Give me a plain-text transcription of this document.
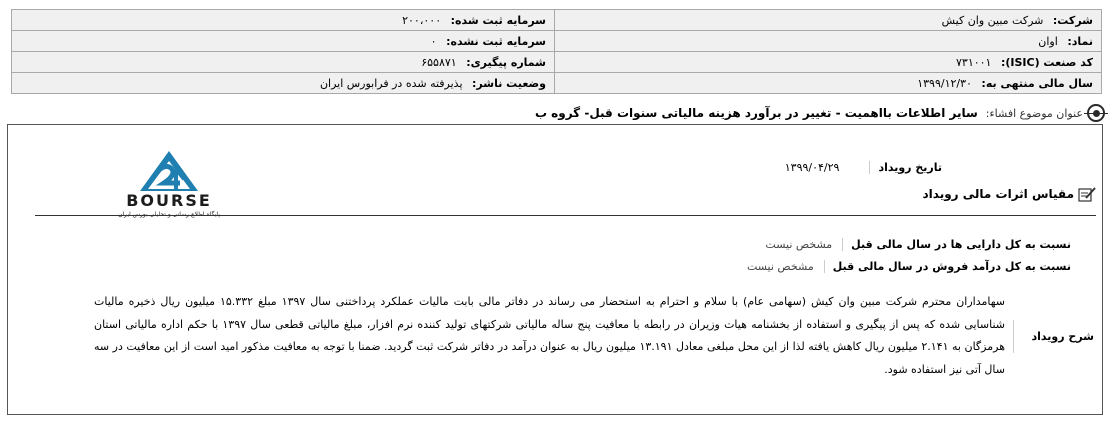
شرکت: شرکت مبین وان کیش	سرمایه ثبت شده: ۲۰۰،۰۰۰
نماد: اوان	سرمایه ثبت نشده: ۰
کد صنعت (ISIC): ۷۳۱۰۰۱	شماره پیگیری: ۶۵۵۸۷۱
سال مالی منتهی به: ۱۳۹۹/۱۲/۳۰	وضعیت ناشر: پذیرفته شده در فرابورس ایران
عنوان موضوع افشاء:
سایر اطلاعات بااهمیت - تغییر در برآورد هزینه مالیاتی سنوات قبل- گروه ب
BOURSE
پایگاه اطلاع رسانی و تحلیلی بورس ایران
تاریخ رویداد
۱۳۹۹/۰۴/۲۹
مقیاس اثرات مالی رویداد
نسبت به کل دارایی ها در سال مالی قبل
مشخص نیست
نسبت به کل درآمد فروش در سال مالی قبل
مشخص نیست
شرح رویداد
سهامداران محترم شرکت مبین وان کیش (سهامی عام) با سلام و احترام به استحضار می رساند در دفاتر مالی بابت مالیات عملکرد پرداختنی سال ۱۳۹۷ مبلغ ۱۵.۳۳۲ میلیون ریال ذخیره مالیات شناسایی شده که پس از پیگیری و استفاده از بخشنامه هیات وزیران در رابطه با معافیت پنج ساله مالیاتی شرکتهای تولید کننده نرم افزار، مبلغ مالیاتی قطعی سال ۱۳۹۷ با حکم اداره مالیاتی استان هرمزگان به ۲.۱۴۱ میلیون ریال کاهش یافته لذا از این محل مبلغی معادل ۱۳.۱۹۱ میلیون ریال به عنوان درآمد در دفاتر شرکت ثبت گردید. ضمنا با توجه به معافیت مذکور امید است از این معافیت در سه سال آتی نیز استفاده شود.
